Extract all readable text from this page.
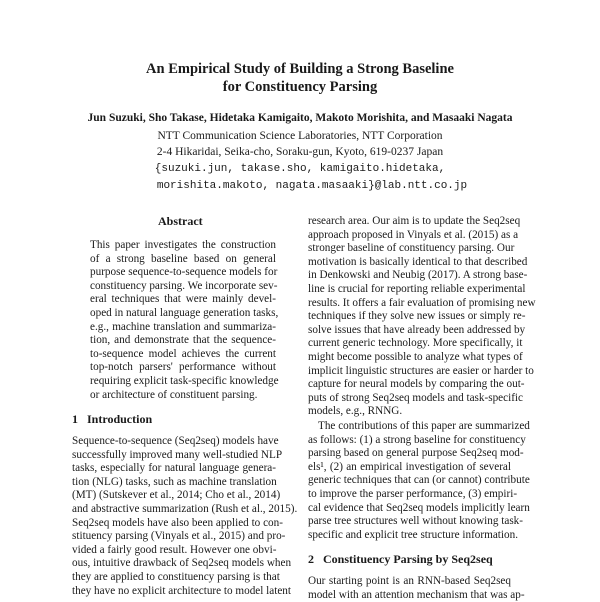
An Empirical Study of Building a Strong Baseline
for Constituency Parsing
Jun Suzuki, Sho Takase, Hidetaka Kamigaito, Makoto Morishita, and Masaaki Nagata
NTT Communication Science Laboratories, NTT Corporation
2-4 Hikaridai, Seika-cho, Soraku-gun, Kyoto, 619-0237 Japan
{suzuki.jun, takase.sho, kamigaito.hidetaka,
morishita.makoto, nagata.masaaki}@lab.ntt.co.jp
Abstract
This paper investigates the construction
of a strong baseline based on general
purpose sequence-to-sequence models for
constituency parsing. We incorporate sev-
eral techniques that were mainly devel-
oped in natural language generation tasks,
e.g., machine translation and summariza-
tion, and demonstrate that the sequence-
to-sequence model achieves the current
top-notch parsers' performance without
requiring explicit task-specific knowledge
or architecture of constituent parsing.
1   Introduction
Sequence-to-sequence (Seq2seq) models have
successfully improved many well-studied NLP
tasks, especially for natural language genera-
tion (NLG) tasks, such as machine translation
(MT) (Sutskever et al., 2014; Cho et al., 2014)
and abstractive summarization (Rush et al., 2015).
Seq2seq models have also been applied to con-
stituency parsing (Vinyals et al., 2015) and pro-
vided a fairly good result. However one obvi-
ous, intuitive drawback of Seq2seq models when
they are applied to constituency parsing is that
they have no explicit architecture to model latent
research area. Our aim is to update the Seq2seq
approach proposed in Vinyals et al. (2015) as a
stronger baseline of constituency parsing. Our
motivation is basically identical to that described
in Denkowski and Neubig (2017). A strong base-
line is crucial for reporting reliable experimental
results. It offers a fair evaluation of promising new
techniques if they solve new issues or simply re-
solve issues that have already been addressed by
current generic technology. More specifically, it
might become possible to analyze what types of
implicit linguistic structures are easier or harder to
capture for neural models by comparing the out-
puts of strong Seq2seq models and task-specific
models, e.g., RNNG.
The contributions of this paper are summarized
as follows: (1) a strong baseline for constituency
parsing based on general purpose Seq2seq mod-
els¹, (2) an empirical investigation of several
generic techniques that can (or cannot) contribute
to improve the parser performance, (3) empiri-
cal evidence that Seq2seq models implicitly learn
parse tree structures well without knowing task-
specific and explicit tree structure information.
2   Constituency Parsing by Seq2seq
Our starting point is an RNN-based Seq2seq
model with an attention mechanism that was ap-
